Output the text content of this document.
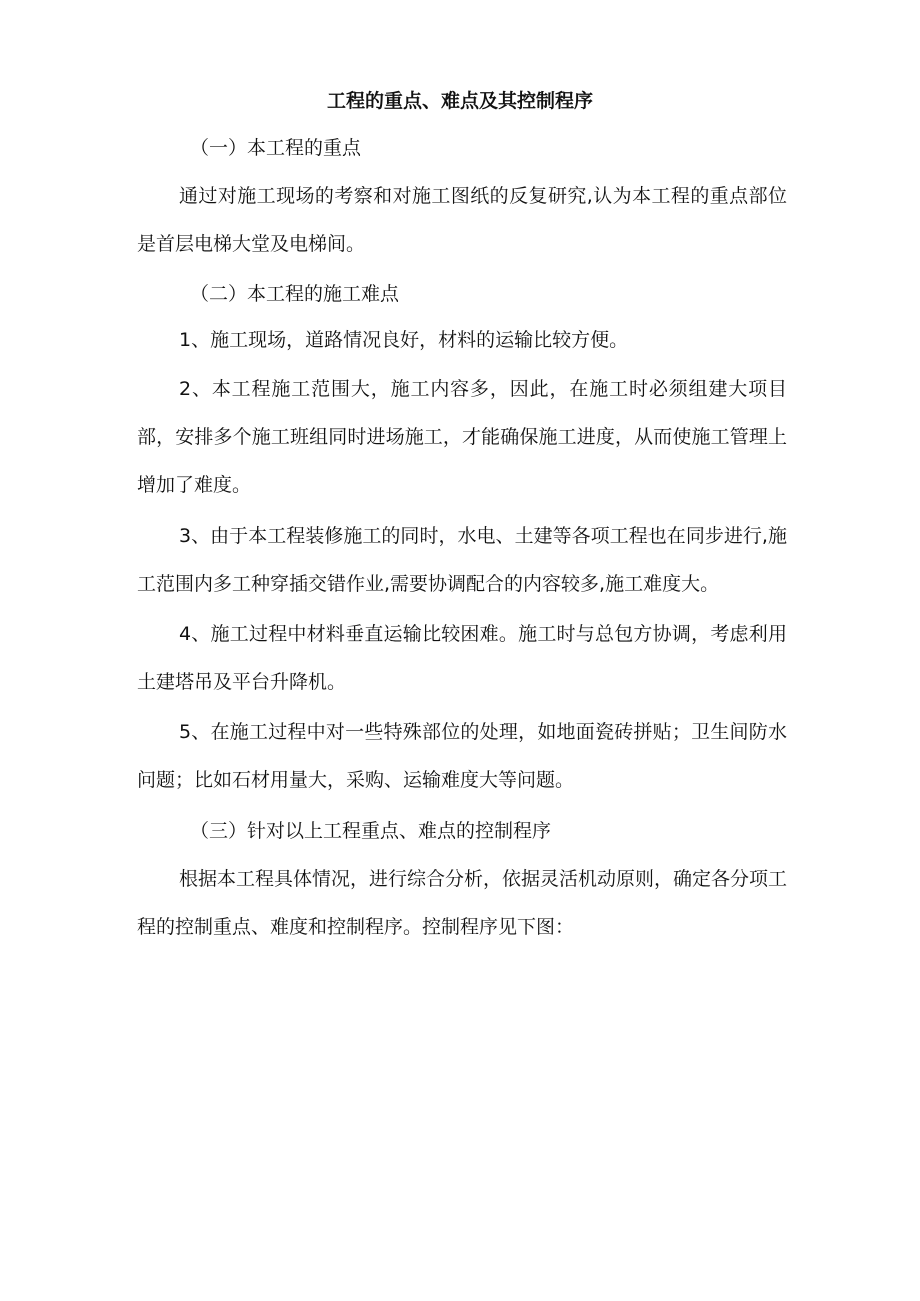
工程的重点、难点及其控制程序
（一）本工程的重点

通过对施工现场的考察和对施工图纸的反复研究,认为本工程的重点部位是首层电梯大堂及电梯间。

（二）本工程的施工难点

1、施工现场，道路情况良好，材料的运输比较方便。

2、本工程施工范围大，施工内容多，因此，在施工时必须组建大项目部，安排多个施工班组同时进场施工，才能确保施工进度，从而使施工管理上增加了难度。

3、由于本工程装修施工的同时，水电、土建等各项工程也在同步进行,施工范围内多工种穿插交错作业,需要协调配合的内容较多,施工难度大。

4、施工过程中材料垂直运输比较困难。施工时与总包方协调，考虑利用土建塔吊及平台升降机。

5、在施工过程中对一些特殊部位的处理，如地面瓷砖拼贴；卫生间防水问题；比如石材用量大，采购、运输难度大等问题。

（三）针对以上工程重点、难点的控制程序

根据本工程具体情况，进行综合分析，依据灵活机动原则，确定各分项工程的控制重点、难度和控制程序。控制程序见下图：
